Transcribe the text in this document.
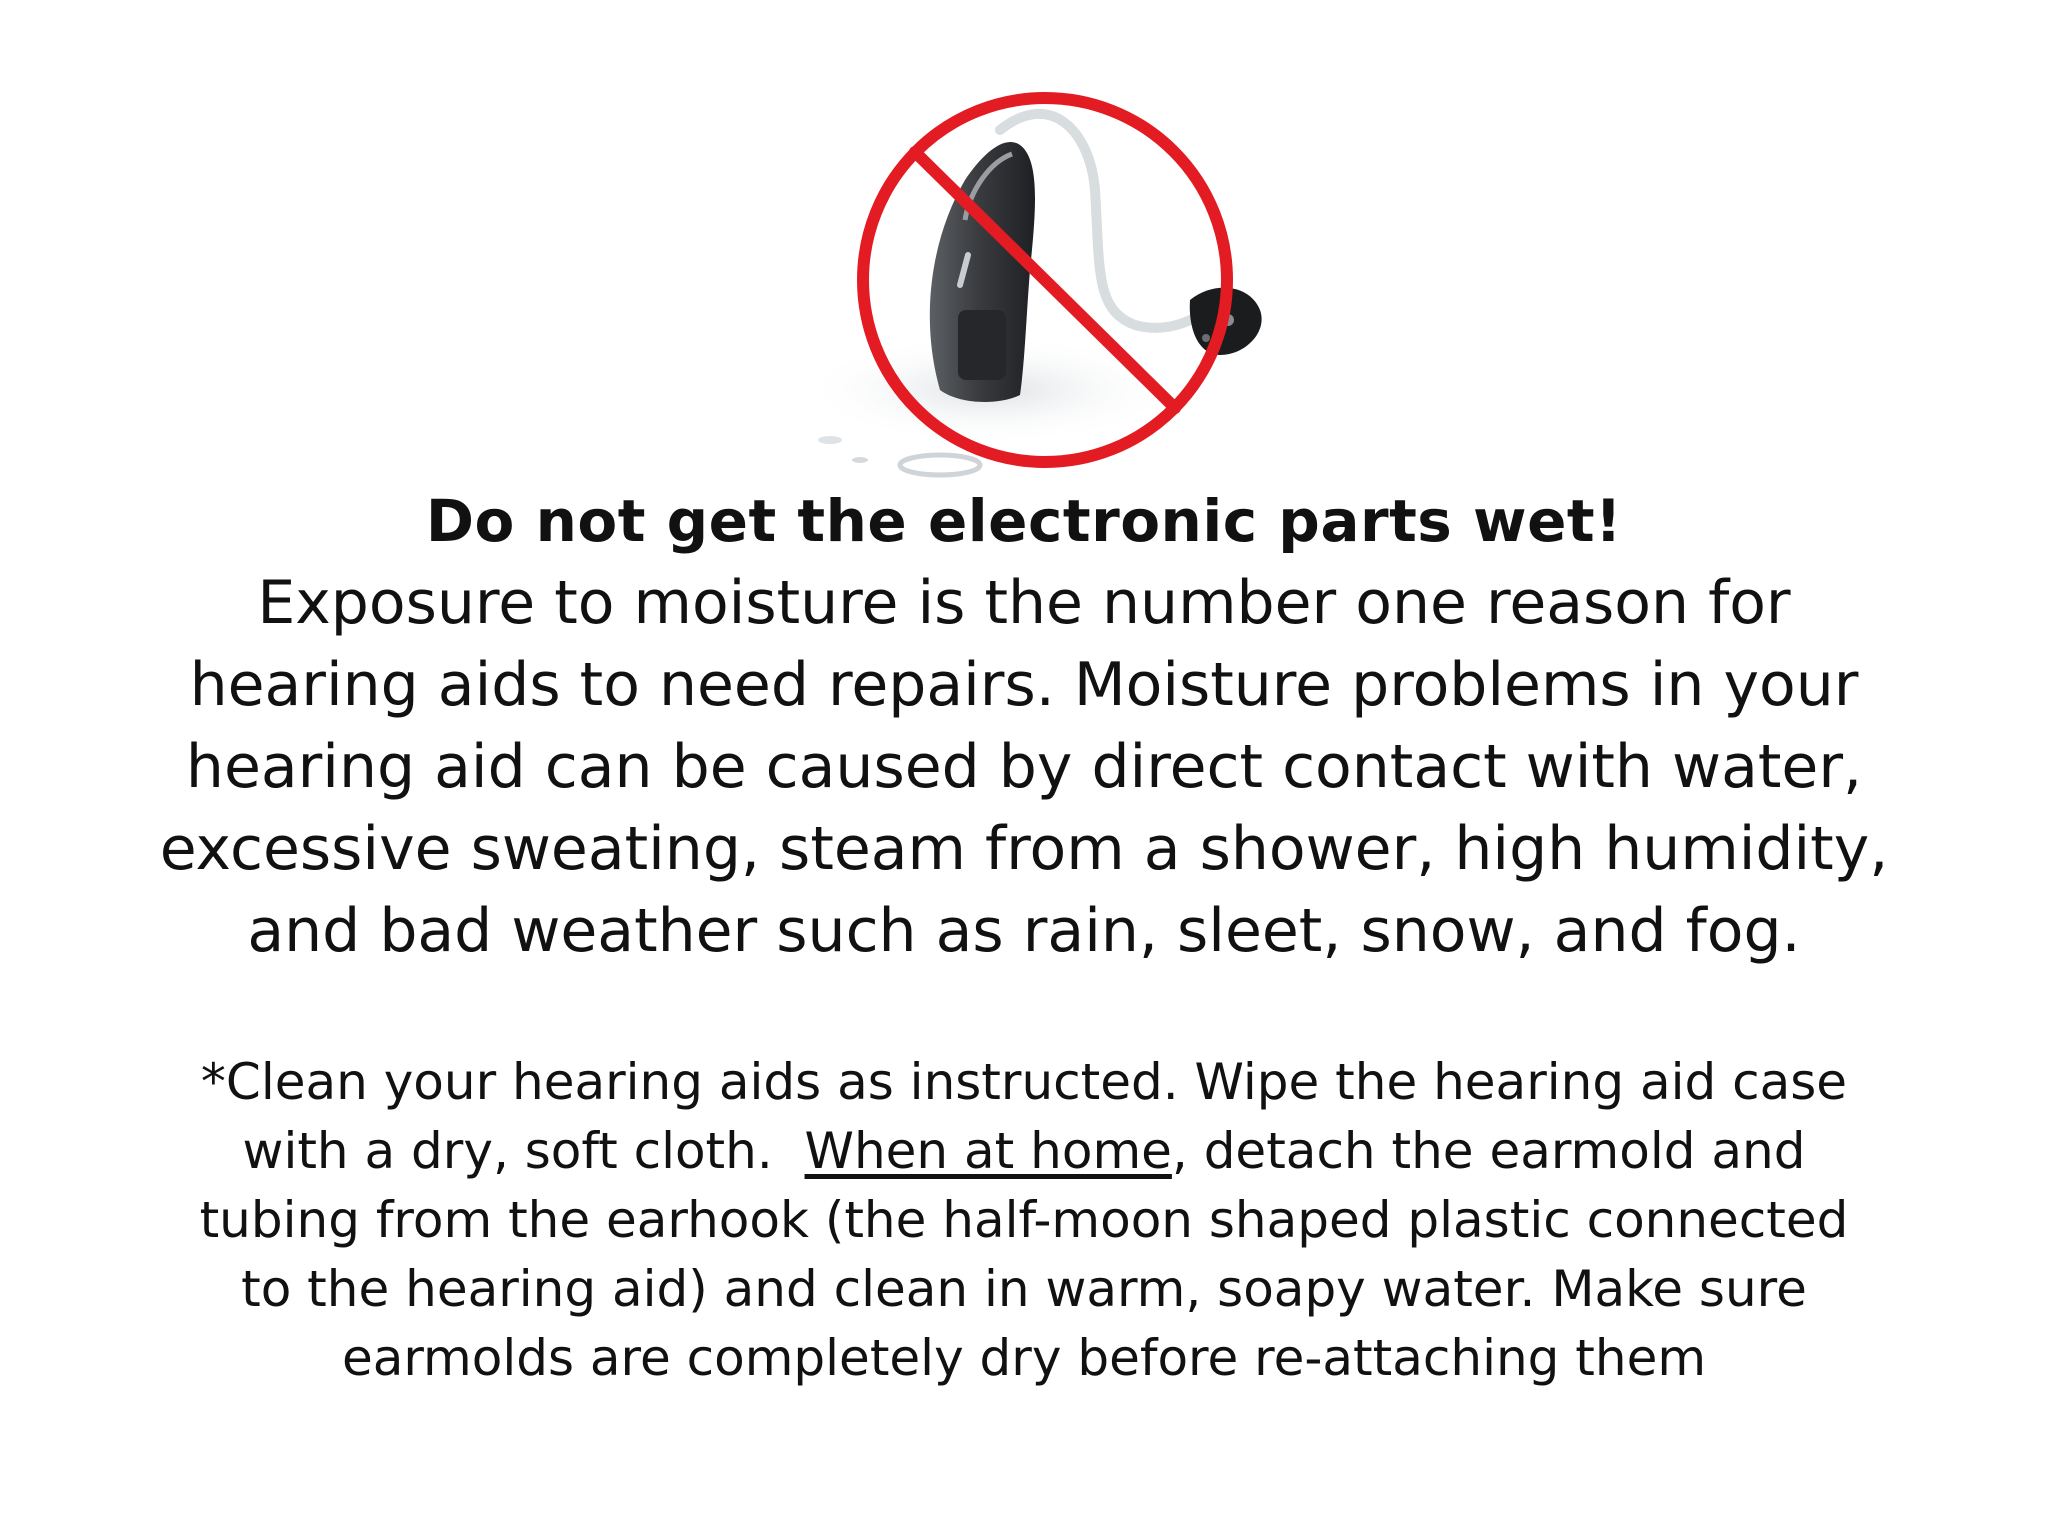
Do not get the electronic parts wet!

Exposure to moisture is the number one reason for
hearing aids to need repairs. Moisture problems in your
hearing aid can be caused by direct contact with water,
excessive sweating, steam from a shower, high humidity,
and bad weather such as rain, sleet, snow, and fog.

*Clean your hearing aids as instructed. Wipe the hearing aid case
with a dry, soft cloth.  When at home, detach the earmold and
tubing from the earhook (the half-moon shaped plastic connected
to the hearing aid) and clean in warm, soapy water. Make sure
earmolds are completely dry before re-attaching them
